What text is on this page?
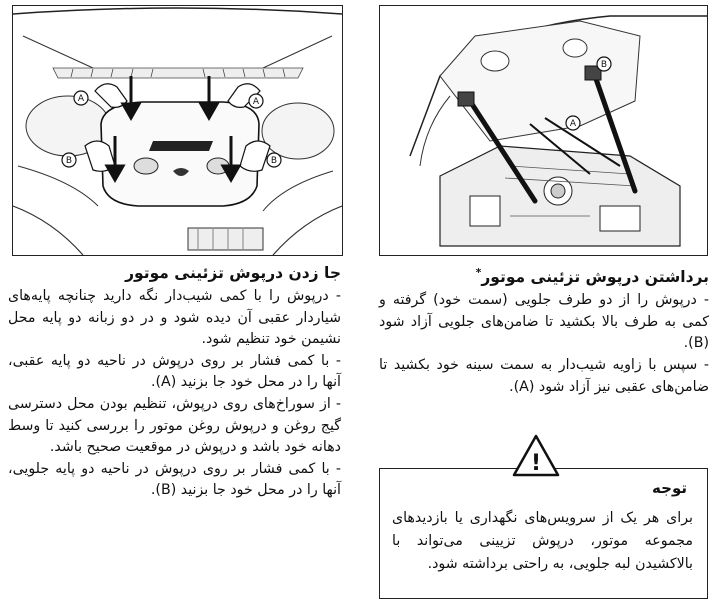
A	A
B	B
A
B
جا زدن درپوش تزئینی موتور

- درپوش را با کمی شیب‌دار نگه دارید چنانچه پایه‌های شیاردار عقبی آن دیده شود و در دو زبانه دو پایه محل نشیمن خود تنظیم شود.

- با کمی فشار بر روی درپوش در ناحیه دو پایه عقبی، آنها را در محل خود جا بزنید (A).

- از سوراخ‌های روی درپوش، تنظیم بودن محل دسترسی گیج روغن و درپوش روغن موتور را بررسی کنید تا وسط دهانه خود باشد و درپوش در موقعیت صحیح باشد.

- با کمی فشار بر روی درپوش در ناحیه دو پایه جلویی، آنها را در محل خود جا بزنید (B).

برداشتن درپوش تزئینی موتور*

- درپوش را از دو طرف جلویی (سمت خود) گرفته و کمی به طرف بالا بکشید تا ضامن‌های جلویی آزاد شود (B).

- سپس با زاویه شیب‌دار به سمت سینه خود بکشید تا ضامن‌های عقبی نیز آزاد شود (A).

توجه
برای هر یک از سرویس‌های نگهداری یا بازدیدهای مجموعه موتور، درپوش تزیینی می‌تواند با بالاکشیدن لبه جلویی، به راحتی برداشته شود.
!
